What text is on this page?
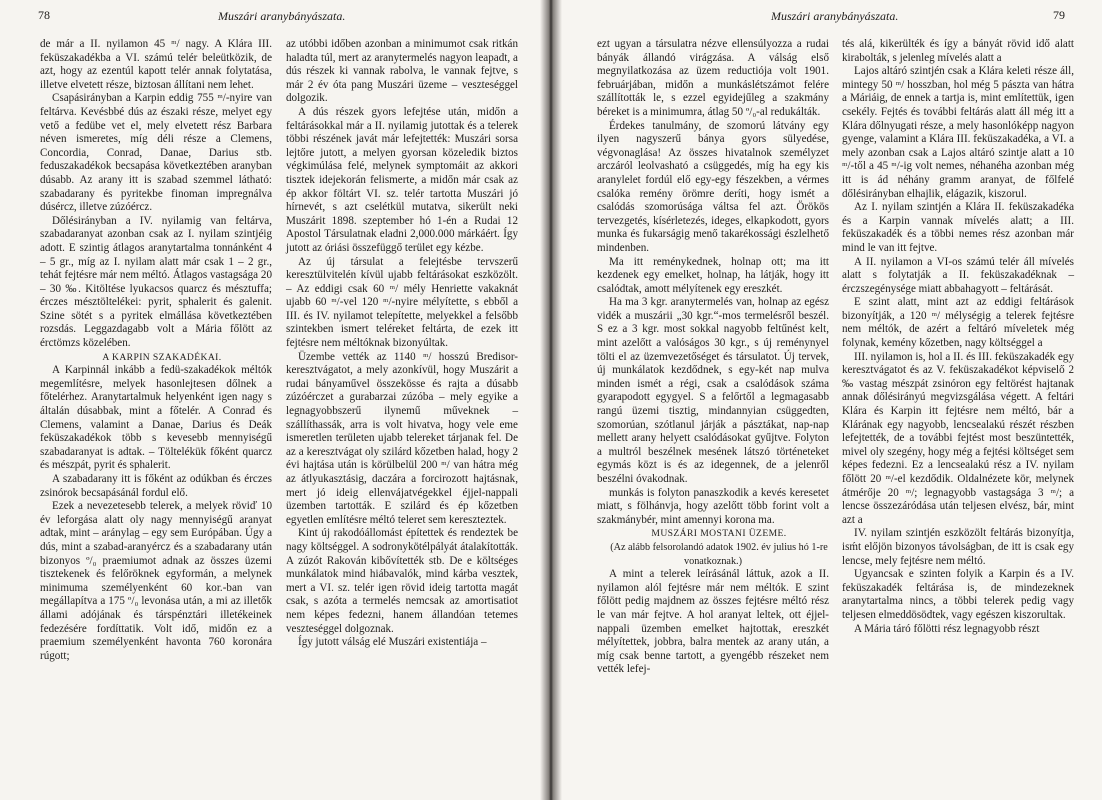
78	Muszári aranybányászata.

de már a II. nyilamon 45 ᵐ/ nagy. A Klára III. feküszakadékba a VI. számú telér beleütközik, de azt, hogy az ezentúl kapott telér annak folytatása, illetve elvetett része, biztosan állítani nem lehet.

Csapásirányban a Karpin eddig 755 ᵐ/-nyire van feltárva. Kevésbbé dús az északi része, melyet egy vető a fedübe vet el, mely elvetett rész Barbara néven ismeretes, míg déli része a Clemens, Concordia, Conrad, Danae, Darius stb. feduszakadékok becsapása következtében aranyban dúsabb. Az arany itt is szabad szemmel látható: szabadarany és pyritekbe finoman impregnálva dúsércz, illetve zúzóércz.

Dőlésirányban a IV. nyilamig van feltárva, szabadaranyat azonban csak az I. nyilam szintjéig adott. E szintig átlagos aranytartalma tonnánként 4 – 5 gr., míg az I. nyilam alatt már csak 1 – 2 gr., tehát fejtésre már nem méltó. Átlagos vastagsága 20 – 30 ‰. Kitöltése lyukacsos quarcz és mésztuffa; érczes mésztöltelékei: pyrit, sphalerit és galenit. Szine sötét s a pyritek elmállása következtében rozsdás. Leggazdagabb volt a Mária főlött az érctömzs közelében.

A KARPIN SZAKADÉKAI.

A Karpinnál inkább a fedü-szakadékok méltók megemlítésre, melyek hasonlejtesen dőlnek a főtelérhez. Aranytartalmuk helyenként igen nagy s általán dúsabbak, mint a főtelér. A Conrad és Clemens, valamint a Danae, Darius és Deák feküszakadékok több s kevesebb mennyiségű szabadaranyat is adtak. – Töltelékük főként quarcz és mészpát, pyrit és sphalerit.

A szabadarany itt is főként az odúkban és érczes zsinórok becsapásánál fordul elő.

Ezek a nevezetesebb telerek, a melyek röviď 10 év leforgása alatt oly nagy mennyiségű aranyat adtak, mint – aránylag – egy sem Európában. Úgy a dús, mint a szabad-aranyércz és a szabadarany után bizonyos º/₀ praemiumot adnak az összes üzemi tisztekenek és felőröknek egyformán, a melynek minimuma személyenként 60 kor.-ban van megállapítva a 175 º/₀ levonása után, a mi az illetők állami adójának és társpénztári illetékeinek fedezésére fordíttatik. Volt idő, midőn ez a praemium személyenként havonta 760 koronára rúgott;

az utóbbi időben azonban a minimumot csak ritkán haladta túl, mert az aranytermelés nagyon leapadt, a dús részek ki vannak rabolva, le vannak fejtve, s már 2 év óta pang Muszári üzeme – veszteséggel dolgozik.

A dús részek gyors lefejtése után, midőn a feltárásokkal már a II. nyilamig jutottak és a telerek többi részének javát már lefejtették: Muszári sorsa lejtőre jutott, a melyen gyorsan közeledik biztos végkimúlása felé, melynek symptomáit az akkori tisztek idejekorán felismerte, a midőn már csak az ép akkor föltárt VI. sz. telér tartotta Muszári jó hírnevét, s azt cselétkül mutatva, sikerült neki Muszárit 1898. szeptember hó 1-én a Rudai 12 Apostol Társulatnak eladni 2,000.000 márkáért. Így jutott az óriási összefüggő terület egy kézbe.

Az új társulat a felejtésbe tervszerű keresztülvitelén kívül ujabb feltárásokat eszközölt. – Az eddigi csak 60 ᵐ/ mély Henriette vakaknát ujabb 60 ᵐ/-vel 120 ᵐ/-nyire mélyítette, s ebből a III. és IV. nyilamot telepítette, melyekkel a felsőbb szintekben ismert teléreket feltárta, de ezek itt fejtésre nem méltóknak bizonyúltak.

Üzembe vették az 1140 ᵐ/ hosszú Bredisor-keresztvágatot, a mely azonkívül, hogy Muszárit a rudai bányaművel összekösse és rajta a dúsabb zúzóérczet a gurabarzai zúzóba – mely egyike a legnagyobbszerű ilynemű műveknek – szállíthassák, arra is volt hivatva, hogy vele eme ismeretlen területen ujabb telereket tárjanak fel. De az a keresztvágat oly szilárd kőzetben halad, hogy 2 évi hajtása után is körülbelül 200 ᵐ/ van hátra még az átlyukasztásig, daczára a forcirozott hajtásnak, mert jó ideig ellenvájatvégekkel éjjel-nappali üzemben tartották. E szilárd és ép kőzetben egyetlen említésre méltó teleret sem kereszteztek.

Kint új rakodóállomást építettek és rendeztek be nagy költséggel. A sodronykötélpályát átalakították. A zúzót Rakován kibővítették stb. De e költséges munkálatok mind hiábavalók, mind kárba vesztek, mert a VI. sz. telér igen rövid ideig tartotta magát csak, s azóta a termelés nemcsak az amortisatiot nem képes fedezni, hanem állandóan tetemes veszteséggel dolgoznak.

Így jutott válság elé Muszári existentiája –

Muszári aranybányászata.	79

ezt ugyan a társulatra nézve ellensúlyozza a rudai bányák állandó virágzása. A válság első megnyilatkozása az üzem reductiója volt 1901. februárjában, midőn a munkáslétszámot felére szállították le, s ezzel egyidejűleg a szakmány béreket is a minimumra, átlag 50 º/₀-al redukálták.

Érdekes tanulmány, de szomorú látvány egy ilyen nagyszerű bánya gyors sülyedése, végvonaglása! Az összes hivatalnok személyzet arczáról leolvasható a csüggedés, míg ha egy kis aranylelet fordúl elő egy-egy fészekben, a vérmes csalóka remény örömre deríti, hogy ismét a csalódás szomorúsága váltsa fel azt. Örökös tervezgetés, kísérletezés, ideges, elkapkodott, gyors munka és fukarságig menő takarékossági észlelhető mindenben.

Ma itt reménykednek, holnap ott; ma itt kezdenek egy emelket, holnap, ha látják, hogy itt csalódtak, amott mélyítenek egy ereszkét.

Ha ma 3 kgr. aranytermelés van, holnap az egész vidék a muszárii „30 kgr.“-mos termelésről beszél. S ez a 3 kgr. most sokkal nagyobb feltűnést kelt, mint azelőtt a valóságos 30 kgr., s új reménynyel tölti el az üzemvezetőséget és társulatot. Új tervek, új munkálatok kezdődnek, s egy-két nap mulva minden ismét a régi, csak a csalódások száma gyarapodott egygyel. S a felőrtől a legmagasabb rangú üzemi tisztig, mindannyian csüggedten, szomorúan, szótlanul járják a pásztákat, nap-nap mellett arany helyett csalódásokat gyűjtve. Folyton a multról beszélnek mesének látszó történeteket egymás közt is és az idegennek, de a jelenről beszélni óvakodnak.

munkás is folyton panaszkodik a kevés keresetet miatt, s fölhánvja, hogy azelőtt több forint volt a szakmánybér, mint amennyi korona ma.

MUSZÁRI MOSTANI ÜZEME.

(Az alább felsorolandó adatok 1902. év julius hó 1-re vonatkoznak.)

A mint a telerek leírásánál láttuk, azok a II. nyilamon alól fejtésre már nem méltók. E szint főlött pedig majdnem az összes fejtésre méltó rész le van már fejtve. A hol aranyat leltek, ott éjjel-nappali üzemben emelket hajtottak, ereszkét mélyítettek, jobbra, balra mentek az arany után, a míg csak benne tartott, a gyengébb részeket nem vették lefej-

tés alá, kikerülték és így a bányát rövid idő alatt kirabolták, s jelenleg mívelés alatt a

Lajos altáró szintjén csak a Klára keleti része áll, mintegy 50 ᵐ/ hosszban, hol még 5 pászta van hátra a Máriáig, de ennek a tartja is, mint említettük, igen csekély. Fejtés és további feltárás alatt áll még itt a Klára dőlnyugati része, a mely hasonlóképp nagyon gyenge, valamint a Klára III. feküszakadéka, a VI. a mely azonban csak a Lajos altáró szintje alatt a 10 ᵐ/-től a 45 ᵐ/-ig volt nemes, néhanéha azonban még itt is ád néhány gramm aranyat, de főlfelé dőlésirányban elhajlik, elágazik, kiszorul.

Az I. nyilam szintjén a Klára II. feküszakadéka és a Karpin vannak mívelés alatt; a III. feküszakadék és a többi nemes rész azonban már mind le van itt fejtve.

A II. nyilamon a VI-os számú telér áll mívelés alatt s folytatják a II. feküszakadéknak – érczszegénysége miatt abbahagyott – feltárását.

E szint alatt, mint azt az eddigi feltárások bizonyítják, a 120 ᵐ/ mélységig a telerek fejtésre nem méltók, de azért a feltáró míveletek még folynak, kemény kőzetben, nagy költséggel a

III. nyilamon is, hol a II. és III. feküszakadék egy keresztvágatot és az V. feküszakadékot képviselő 2 ‰ vastag mészpát zsinóron egy feltörést hajtanak annak dőlésirányú megvizsgálása végett. A feltári Klára és Karpin itt fejtésre nem méltó, bár a Klárának egy nagyobb, lencsealakú részét részben lefejtették, de a további fejtést most beszüntették, mivel oly szegény, hogy még a fejtési költséget sem képes fedezni. Ez a lencsealakú rész a IV. nyilam főlött 20 ᵐ/-el kezdődik. Oldalnézete kör, melynek átmérője 20 ᵐ/; legnagyobb vastagsága 3 ᵐ/; a lencse összezáródása után teljesen elvész, bár, mint azt a

IV. nyilam szintjén eszközölt feltárás bizonyítja, isḿt előjön bizonyos távolságban, de itt is csak egy lencse, mely fejtésre nem méltó.

Ugyancsak e szinten folyik a Karpin és a IV. feküszakadék feltárása is, de mindezeknek aranytartalma nincs, a többi telerek pedig vagy teljesen elmeddösödtek, vagy egészen kiszorultak.

A Mária táró főlötti rész legnagyobb részt
